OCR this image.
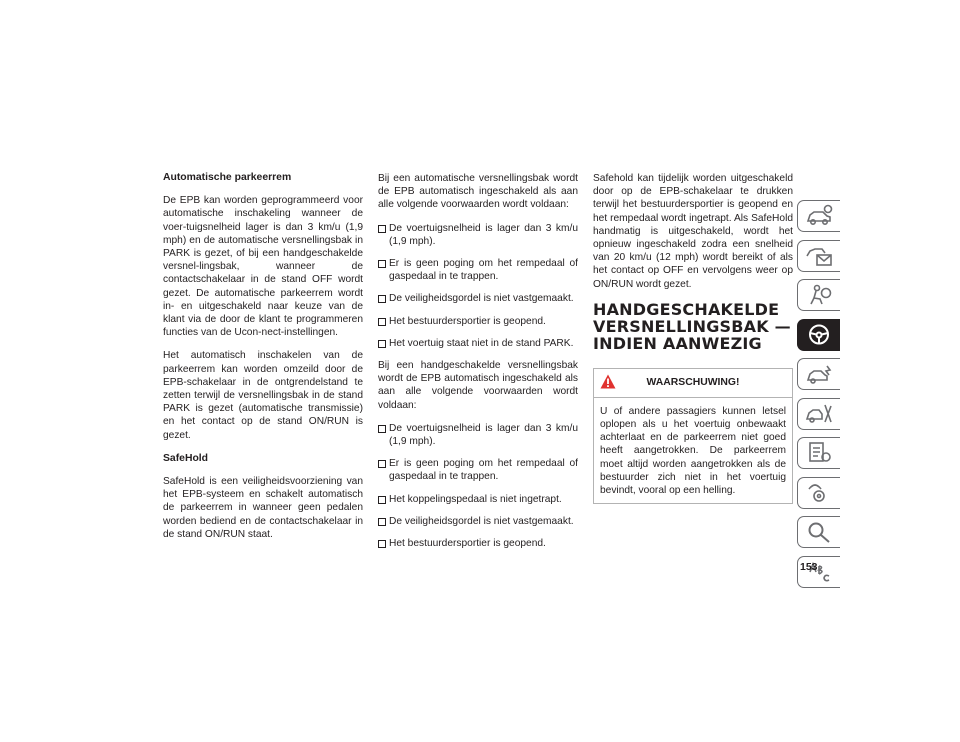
Automatische parkeerrem
De EPB kan worden geprogrammeerd voor automatische inschakeling wanneer de voer-tuigsnelheid lager is dan 3 km/u (1,9 mph) en de automatische versnellingsbak in PARK is gezet, of bij een handgeschakelde versnel-lingsbak, wanneer de contactschakelaar in de stand OFF wordt gezet. De automatische parkeerrem wordt in- en uitgeschakeld naar keuze van de klant via de door de klant te programmeren functies van de Ucon-nect-instellingen.
Het automatisch inschakelen van de parkeerrem kan worden omzeild door de EPB-schakelaar in de ontgrendelstand te zetten terwijl de versnellingsbak in de stand PARK is gezet (automatische transmissie) en het contact op de stand ON/RUN is gezet.
SafeHold
SafeHold is een veiligheidsvoorziening van het EPB-systeem en schakelt automatisch de parkeerrem in wanneer geen pedalen worden bediend en de contactschakelaar in de stand ON/RUN staat.
Bij een automatische versnellingsbak wordt de EPB automatisch ingeschakeld als aan alle volgende voorwaarden wordt voldaan:
De voertuigsnelheid is lager dan 3 km/u (1,9 mph).
Er is geen poging om het rempedaal of gaspedaal in te trappen.
De veiligheidsgordel is niet vastgemaakt.
Het bestuurdersportier is geopend.
Het voertuig staat niet in de stand PARK.
Bij een handgeschakelde versnellingsbak wordt de EPB automatisch ingeschakeld als aan alle volgende voorwaarden wordt voldaan:
De voertuigsnelheid is lager dan 3 km/u (1,9 mph).
Er is geen poging om het rempedaal of gaspedaal in te trappen.
Het koppelingspedaal is niet ingetrapt.
De veiligheidsgordel is niet vastgemaakt.
Het bestuurdersportier is geopend.
Safehold kan tijdelijk worden uitgeschakeld door op de EPB-schakelaar te drukken terwijl het bestuurdersportier is geopend en het rempedaal wordt ingetrapt. Als SafeHold handmatig is uitgeschakeld, wordt het opnieuw ingeschakeld zodra een snelheid van 20 km/u (12 mph) wordt bereikt of als het contact op OFF en vervolgens weer op ON/RUN wordt gezet.
HANDGESCHAKELDE
VERSNELLINGSBAK —
INDIEN AANWEZIG
WAARSCHUWING!
U of andere passagiers kunnen letsel oplopen als u het voertuig onbewaakt achterlaat en de parkeerrem niet goed heeft aangetrokken. De parkeerrem moet altijd worden aangetrokken als de bestuurder zich niet in het voertuig bevindt, vooral op een helling.
153
